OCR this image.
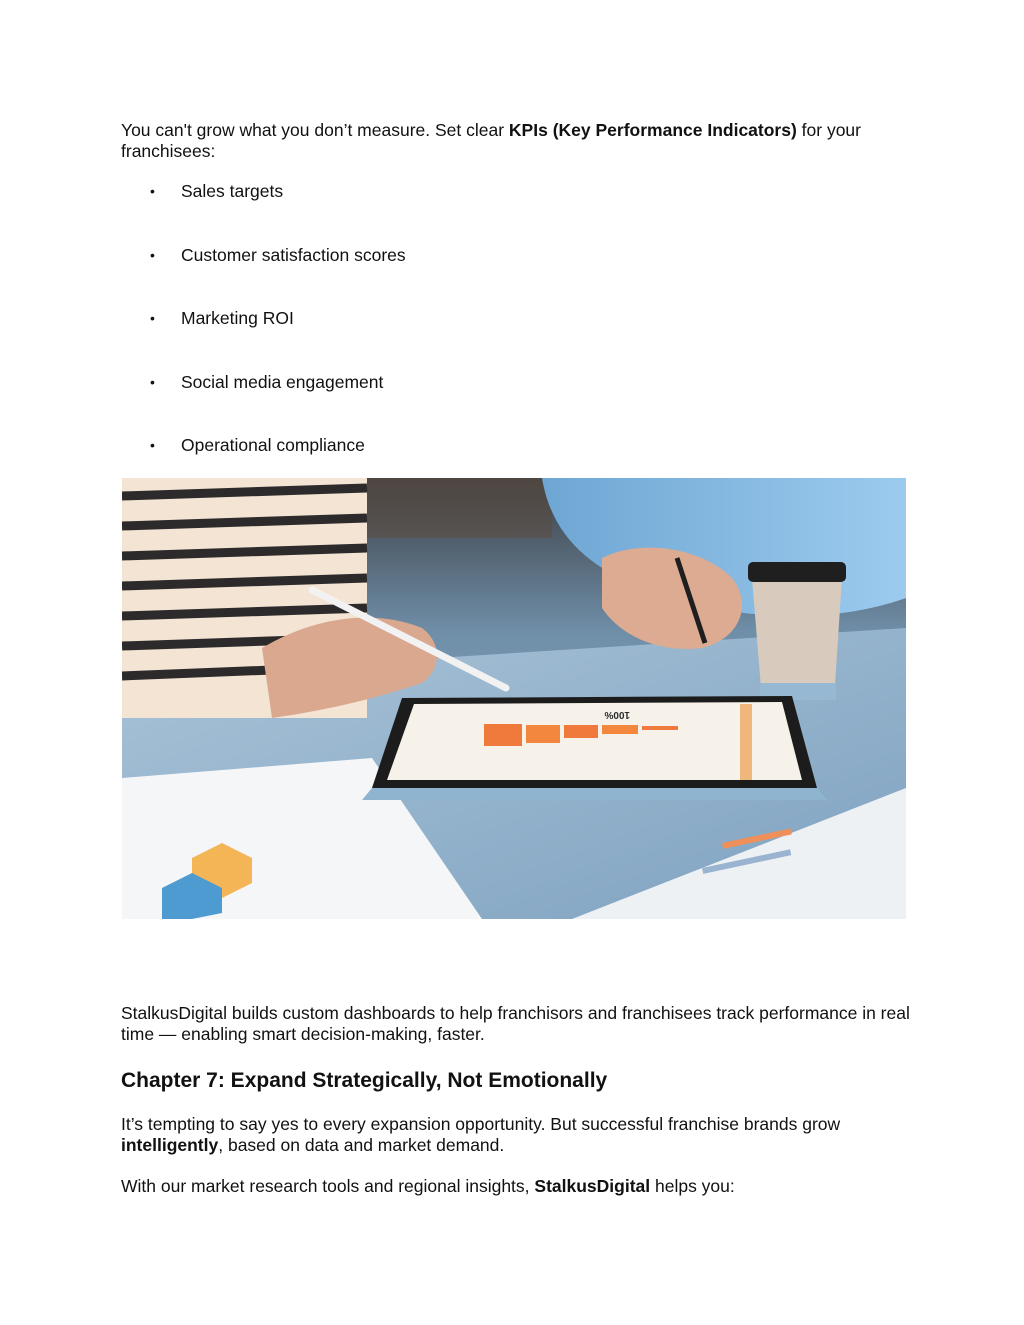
You can't grow what you don’t measure. Set clear KPIs (Key Performance Indicators) for your franchisees:

• Sales targets
• Customer satisfaction scores
• Marketing ROI
• Social media engagement
• Operational compliance
100%

StalkusDigital builds custom dashboards to help franchisors and franchisees track performance in real time — enabling smart decision-making, faster.

Chapter 7: Expand Strategically, Not Emotionally

It’s tempting to say yes to every expansion opportunity. But successful franchise brands grow intelligently, based on data and market demand.

With our market research tools and regional insights, StalkusDigital helps you:
